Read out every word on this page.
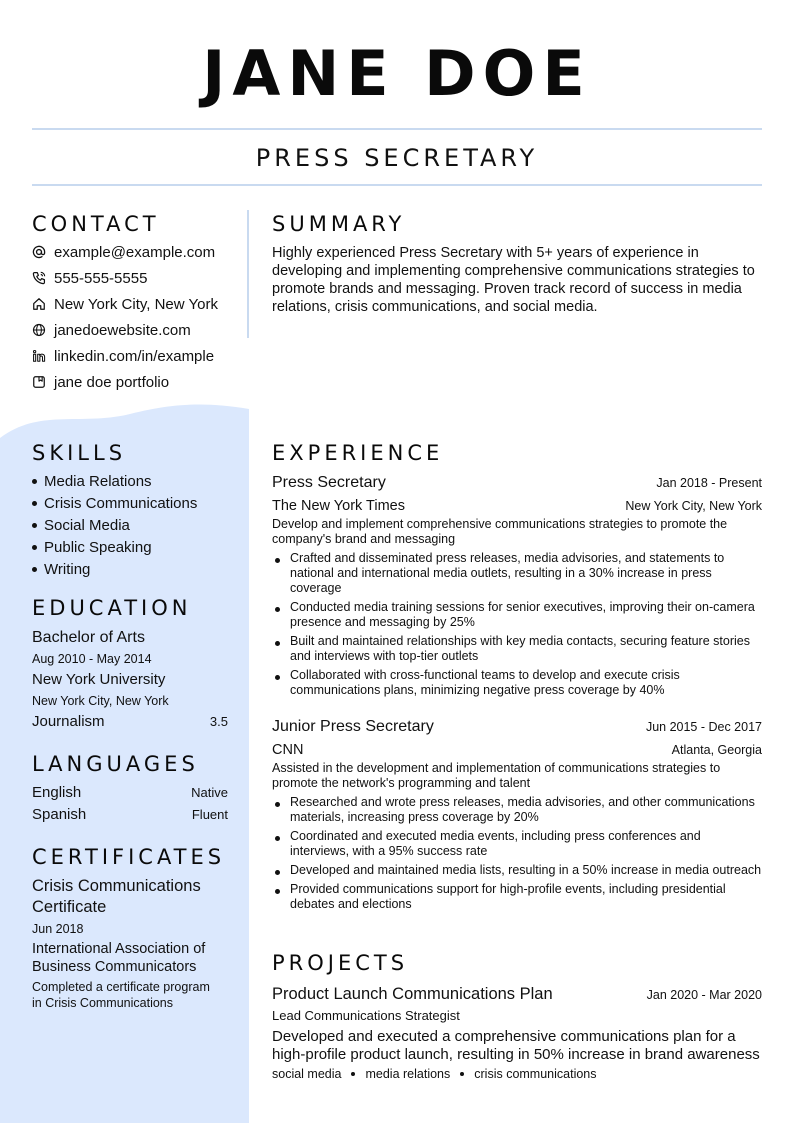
JANE DOE
PRESS SECRETARY
CONTACT
example@example.com
555-555-5555
New York City, New York
janedoewebsite.com
linkedin.com/in/example
jane doe portfolio
SKILLS
Media Relations
Crisis Communications
Social Media
Public Speaking
Writing
EDUCATION
Bachelor of Arts
Aug 2010 - May 2014
New York University
New York City, New York
Journalism	3.5
LANGUAGES
English	Native
Spanish	Fluent
CERTIFICATES
Crisis Communications
Certificate
Jun 2018
International Association of
Business Communicators
Completed a certificate program
in Crisis Communications
SUMMARY
Highly experienced Press Secretary with 5+ years of experience in developing and implementing comprehensive communications strategies to promote brands and messaging. Proven track record of success in media relations, crisis communications, and social media.
EXPERIENCE
Press Secretary	Jan 2018 - Present
The New York Times	New York City, New York
Develop and implement comprehensive communications strategies to promote the company's brand and messaging
Crafted and disseminated press releases, media advisories, and statements to national and international media outlets, resulting in a 30% increase in press coverage
Conducted media training sessions for senior executives, improving their on-camera presence and messaging by 25%
Built and maintained relationships with key media contacts, securing feature stories and interviews with top-tier outlets
Collaborated with cross-functional teams to develop and execute crisis communications plans, minimizing negative press coverage by 40%
Junior Press Secretary	Jun 2015 - Dec 2017
CNN	Atlanta, Georgia
Assisted in the development and implementation of communications strategies to promote the network's programming and talent
Researched and wrote press releases, media advisories, and other communications materials, increasing press coverage by 20%
Coordinated and executed media events, including press conferences and interviews, with a 95% success rate
Developed and maintained media lists, resulting in a 50% increase in media outreach
Provided communications support for high-profile events, including presidential debates and elections
PROJECTS
Product Launch Communications Plan	Jan 2020 - Mar 2020
Lead Communications Strategist
Developed and executed a comprehensive communications plan for a high-profile product launch, resulting in 50% increase in brand awareness
social media media relations crisis communications
